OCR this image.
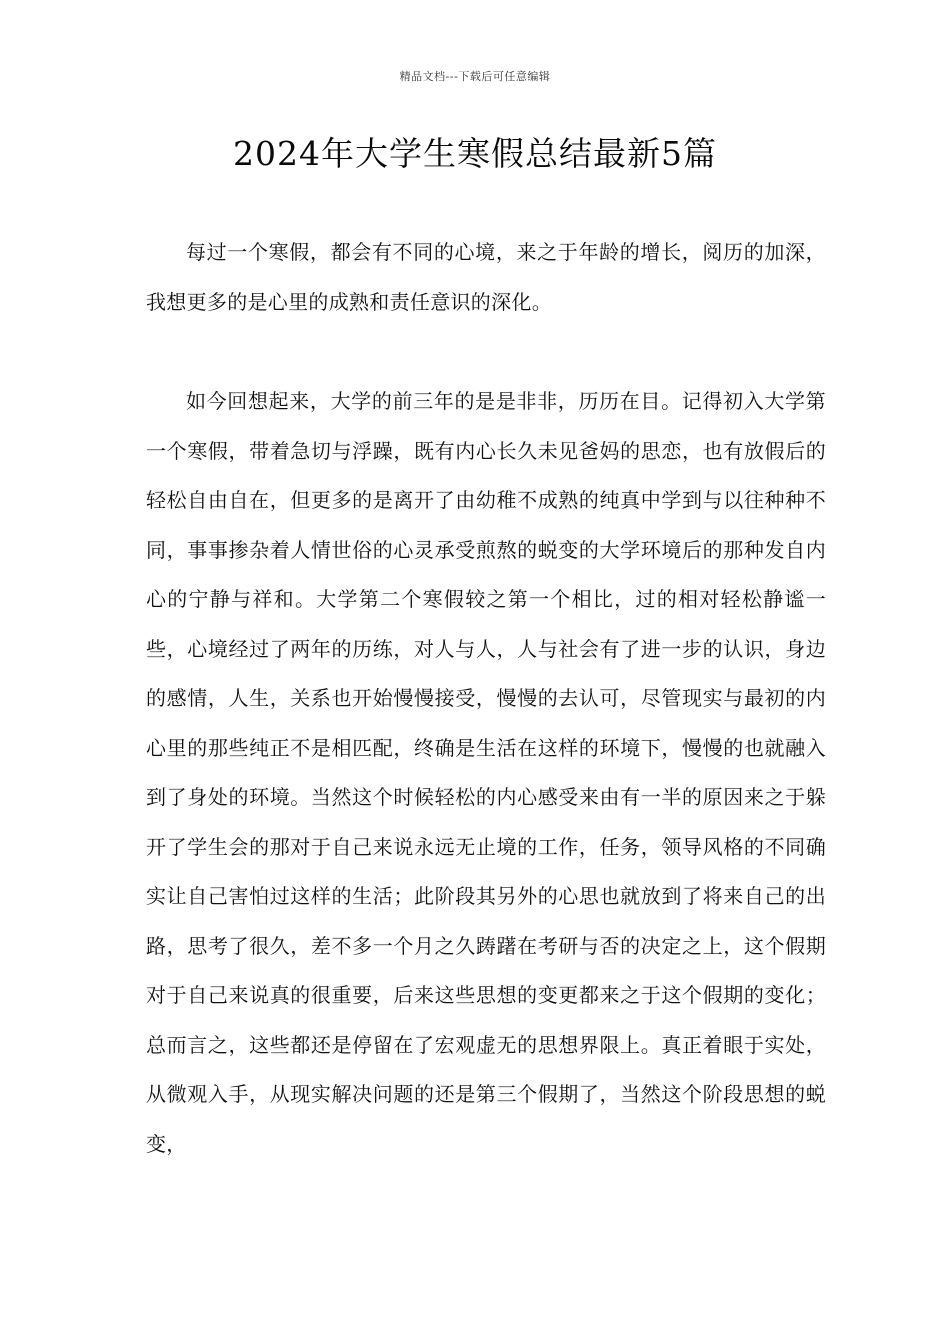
精品文档---下载后可任意编辑
2024年大学生寒假总结最新5篇

每过一个寒假，都会有不同的心境，来之于年龄的增长，阅历的加深，我想更多的是心里的成熟和责任意识的深化。

如今回想起来，大学的前三年的是是非非，历历在目。记得初入大学第一个寒假，带着急切与浮躁，既有内心长久未见爸妈的思恋，也有放假后的轻松自由自在，但更多的是离开了由幼稚不成熟的纯真中学到与以往种种不同，事事掺杂着人情世俗的心灵承受煎熬的蜕变的大学环境后的那种发自内心的宁静与祥和。大学第二个寒假较之第一个相比，过的相对轻松静谧一些，心境经过了两年的历练，对人与人，人与社会有了进一步的认识，身边的感情，人生，关系也开始慢慢接受，慢慢的去认可，尽管现实与最初的内心里的那些纯正不是相匹配，终确是生活在这样的环境下，慢慢的也就融入到了身处的环境。当然这个时候轻松的内心感受来由有一半的原因来之于躲开了学生会的那对于自己来说永远无止境的工作，任务，领导风格的不同确实让自己害怕过这样的生活；此阶段其另外的心思也就放到了将来自己的出路，思考了很久，差不多一个月之久踌躇在考研与否的决定之上，这个假期对于自己来说真的很重要，后来这些思想的变更都来之于这个假期的变化；总而言之，这些都还是停留在了宏观虚无的思想界限上。真正着眼于实处，从微观入手，从现实解决问题的还是第三个假期了，当然这个阶段思想的蜕变，
